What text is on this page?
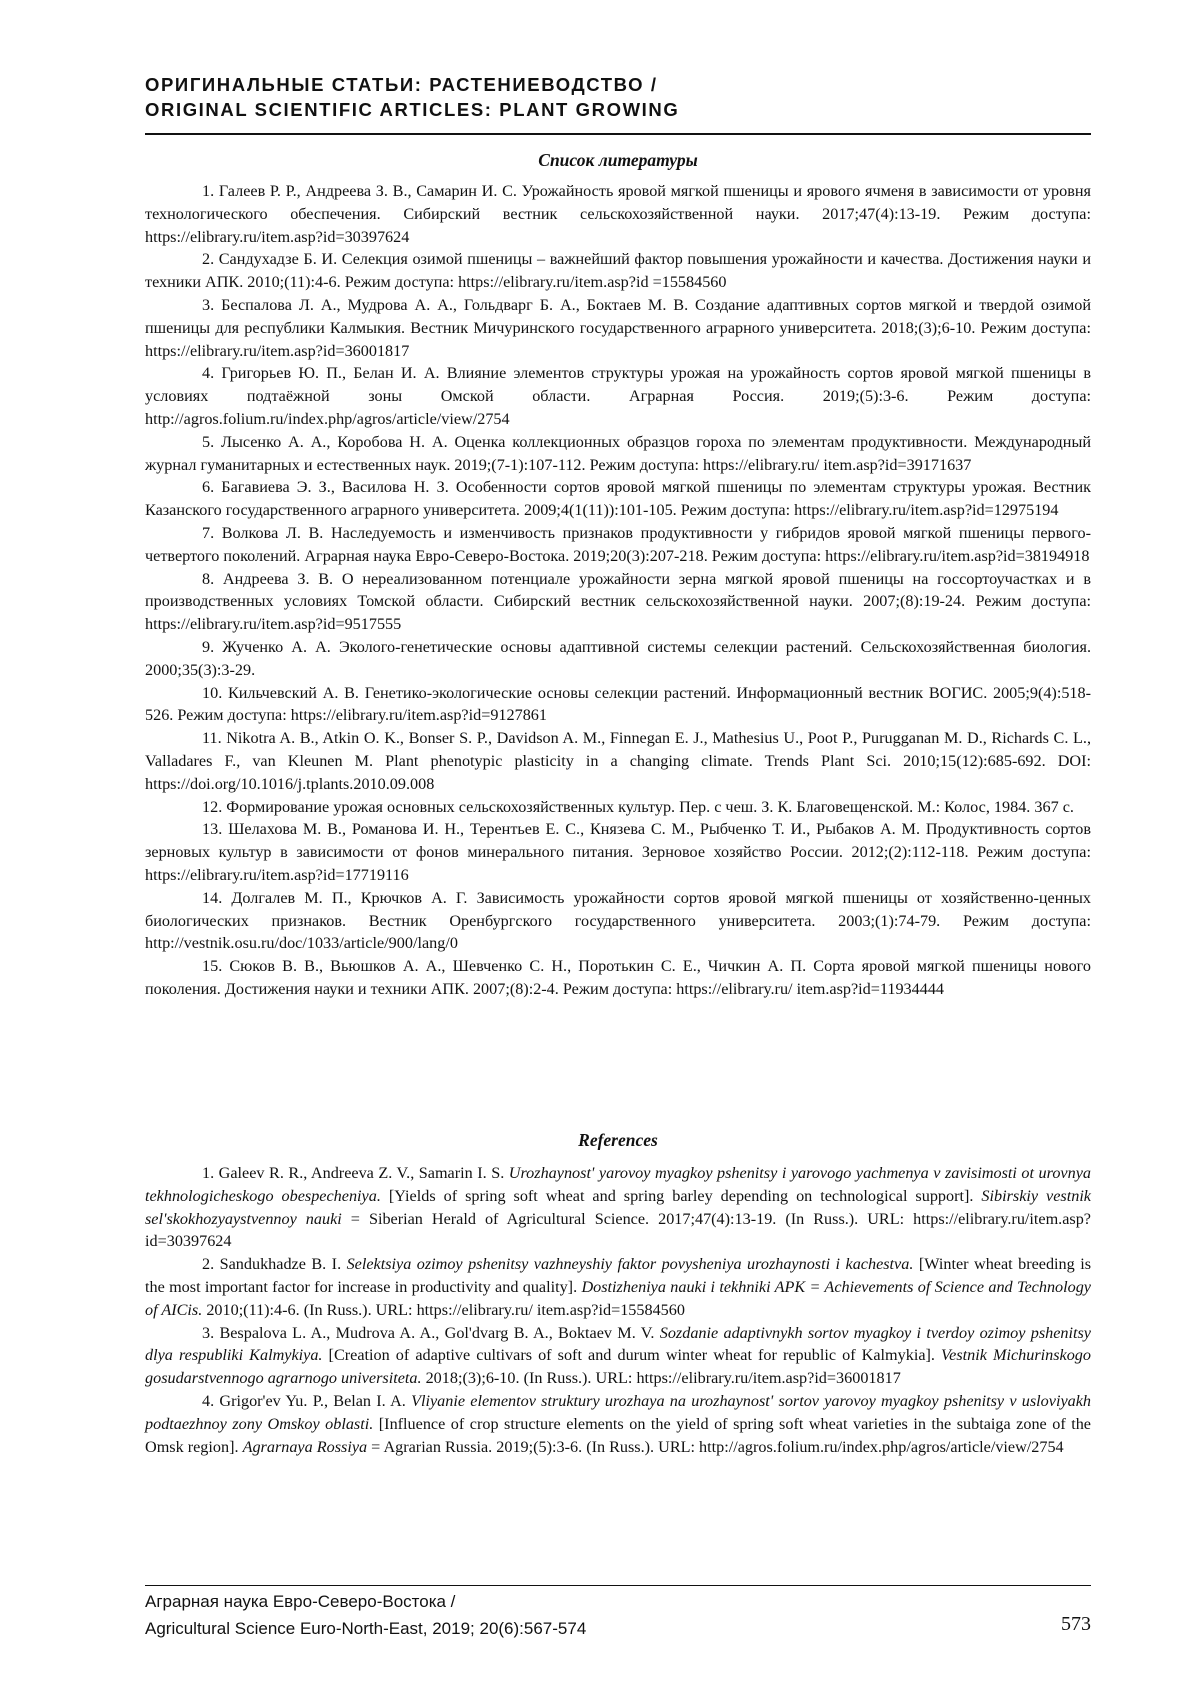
ОРИГИНАЛЬНЫЕ СТАТЬИ: РАСТЕНИЕВОДСТВО /
ORIGINAL SCIENTIFIC ARTICLES: PLANT GROWING
Список литературы

1. Галеев Р. Р., Андреева З. В., Самарин И. С. Урожайность яровой мягкой пшеницы и ярового ячменя в зависимости от уровня технологического обеспечения. Сибирский вестник сельскохозяйственной науки. 2017;47(4):13-19. Режим доступа: https://elibrary.ru/item.asp?id=30397624

2. Сандухадзе Б. И. Селекция озимой пшеницы – важнейший фактор повышения урожайности и качества. Достижения науки и техники АПК. 2010;(11):4-6. Режим доступа: https://elibrary.ru/item.asp?id =15584560

3. Беспалова Л. А., Мудрова А. А., Гольдварг Б. А., Боктаев М. В. Создание адаптивных сортов мягкой и твердой озимой пшеницы для республики Калмыкия. Вестник Мичуринского государственного аграрного университета. 2018;(3);6-10. Режим доступа: https://elibrary.ru/item.asp?id=36001817

4. Григорьев Ю. П., Белан И. А. Влияние элементов структуры урожая на урожайность сортов яровой мягкой пшеницы в условиях подтаёжной зоны Омской области. Аграрная Россия. 2019;(5):3-6. Режим доступа: http://agros.folium.ru/index.php/agros/article/view/2754

5. Лысенко А. А., Коробова Н. А. Оценка коллекционных образцов гороха по элементам продуктивности. Международный журнал гуманитарных и естественных наук. 2019;(7-1):107-112. Режим доступа: https://elibrary.ru/ item.asp?id=39171637

6. Багавиева Э. З., Василова Н. З. Особенности сортов яровой мягкой пшеницы по элементам структуры урожая. Вестник Казанского государственного аграрного университета. 2009;4(1(11)):101-105. Режим доступа: https://elibrary.ru/item.asp?id=12975194

7. Волкова Л. В. Наследуемость и изменчивость признаков продуктивности у гибридов яровой мягкой пшеницы первого-четвертого поколений. Аграрная наука Евро-Северо-Востока. 2019;20(3):207-218. Режим доступа: https://elibrary.ru/item.asp?id=38194918

8. Андреева З. В. О нереализованном потенциале урожайности зерна мягкой яровой пшеницы на госсортоучастках и в производственных условиях Томской области. Сибирский вестник сельскохозяйственной науки. 2007;(8):19-24. Режим доступа: https://elibrary.ru/item.asp?id=9517555

9. Жученко А. А. Эколого-генетические основы адаптивной системы селекции растений. Сельскохозяйственная биология. 2000;35(3):3-29.

10. Кильчевский А. В. Генетико-экологические основы селекции растений. Информационный вестник ВОГИС. 2005;9(4):518-526. Режим доступа: https://elibrary.ru/item.asp?id=9127861

11. Nikotra A. B., Atkin O. K., Bonser S. P., Davidson A. M., Finnegan E. J., Mathesius U., Poot P., Purugganan M. D., Richards C. L., Valladares F., van Kleunen M. Plant phenotypic plasticity in a changing climate. Trends Plant Sci. 2010;15(12):685-692. DOI: https://doi.org/10.1016/j.tplants.2010.09.008

12. Формирование урожая основных сельскохозяйственных культур. Пер. с чеш. З. К. Благовещенской. М.: Колос, 1984. 367 с.

13. Шелахова М. В., Романова И. Н., Терентьев Е. С., Князева С. М., Рыбченко Т. И., Рыбаков А. М. Продуктивность сортов зерновых культур в зависимости от фонов минерального питания. Зерновое хозяйство России. 2012;(2):112-118. Режим доступа: https://elibrary.ru/item.asp?id=17719116

14. Долгалев М. П., Крючков А. Г. Зависимость урожайности сортов яровой мягкой пшеницы от хозяйственно-ценных биологических признаков. Вестник Оренбургского государственного университета. 2003;(1):74-79. Режим доступа: http://vestnik.osu.ru/doc/1033/article/900/lang/0

15. Сюков В. В., Вьюшков А. А., Шевченко С. Н., Поротькин С. Е., Чичкин А. П. Сорта яровой мягкой пшеницы нового поколения. Достижения науки и техники АПК. 2007;(8):2-4. Режим доступа: https://elibrary.ru/ item.asp?id=11934444

References

1. Galeev R. R., Andreeva Z. V., Samarin I. S. Urozhaynost' yarovoy myagkoy pshenitsy i yarovogo yachmenya v zavisimosti ot urovnya tekhnologicheskogo obespecheniya. [Yields of spring soft wheat and spring barley depending on technological support]. Sibirskiy vestnik sel'skokhozyaystvennoy nauki = Siberian Herald of Agricultural Science. 2017;47(4):13-19. (In Russ.). URL: https://elibrary.ru/item.asp?id=30397624

2. Sandukhadze B. I. Selektsiya ozimoy pshenitsy vazhneyshiy faktor povysheniya urozhaynosti i kachestva. [Winter wheat breeding is the most important factor for increase in productivity and quality]. Dostizheniya nauki i tekhniki APK = Achievements of Science and Technology of AICis. 2010;(11):4-6. (In Russ.). URL: https://elibrary.ru/ item.asp?id=15584560

3. Bespalova L. A., Mudrova A. A., Gol'dvarg B. A., Boktaev M. V. Sozdanie adaptivnykh sortov myagkoy i tverdoy ozimoy pshenitsy dlya respubliki Kalmykiya. [Creation of adaptive cultivars of soft and durum winter wheat for republic of Kalmykia]. Vestnik Michurinskogo gosudarstvennogo agrarnogo universiteta. 2018;(3);6-10. (In Russ.). URL: https://elibrary.ru/item.asp?id=36001817

4. Grigor'ev Yu. P., Belan I. A. Vliyanie elementov struktury urozhaya na urozhaynost' sortov yarovoy myagkoy pshenitsy v usloviyakh podtaezhnoy zony Omskoy oblasti. [Influence of crop structure elements on the yield of spring soft wheat varieties in the subtaiga zone of the Omsk region]. Agrarnaya Rossiya = Agrarian Russia. 2019;(5):3-6. (In Russ.). URL: http://agros.folium.ru/index.php/agros/article/view/2754

Аграрная наука Евро-Северо-Востока /
Agricultural Science Euro-North-East, 2019; 20(6):567-574	573
